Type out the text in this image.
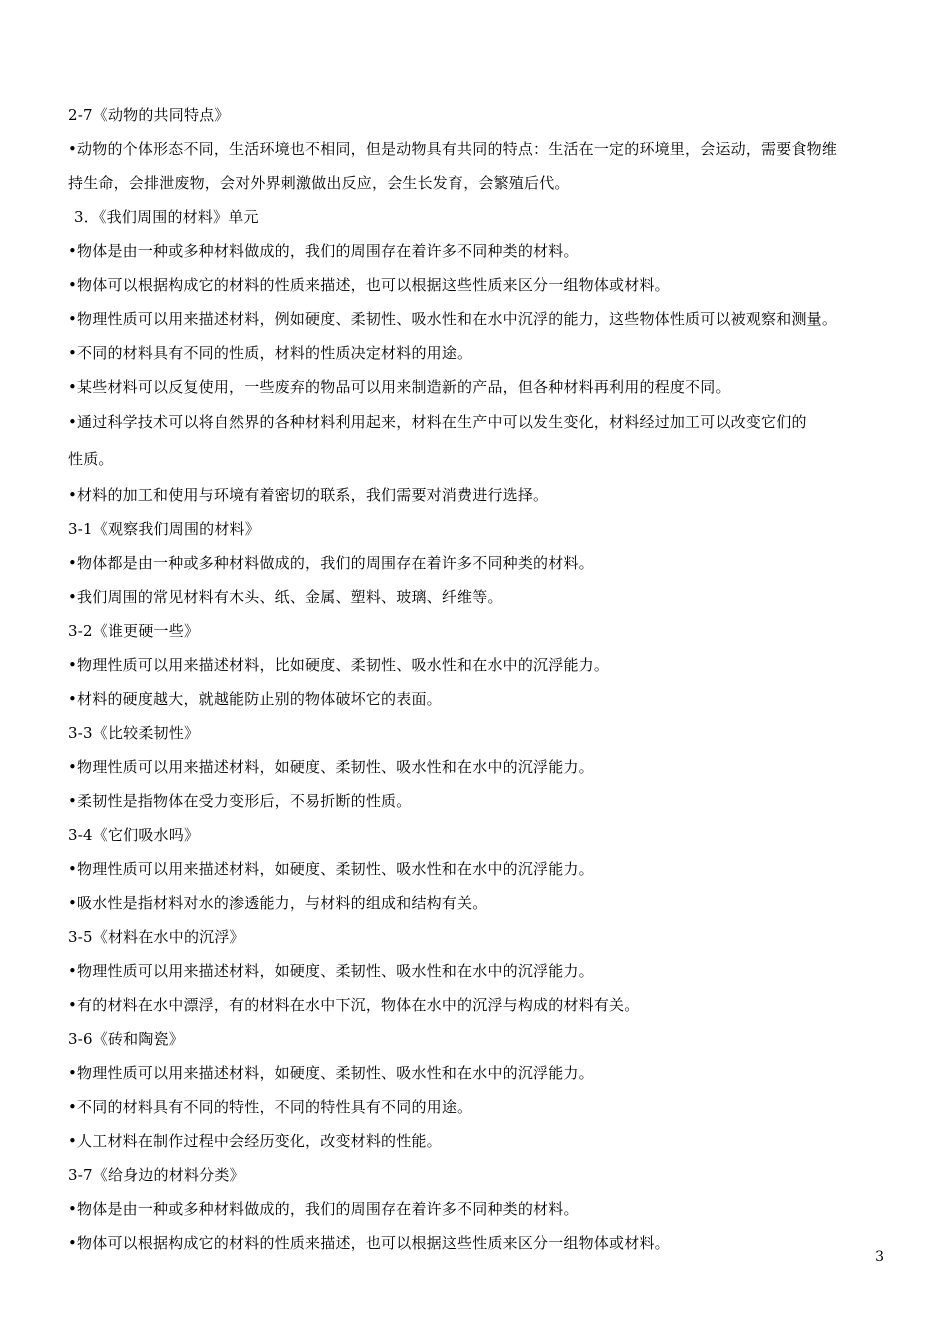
2-7《动物的共同特点》
•动物的个体形态不同，生活环境也不相同，但是动物具有共同的特点：生活在一定的环境里，会运动，需要食物维
持生命，会排泄废物，会对外界刺激做出反应，会生长发育，会繁殖后代。
3．《我们周围的材料》单元
•物体是由一种或多种材料做成的，我们的周围存在着许多不同种类的材料。
•物体可以根据构成它的材料的性质来描述，也可以根据这些性质来区分一组物体或材料。
•物理性质可以用来描述材料，例如硬度、柔韧性、吸水性和在水中沉浮的能力，这些物体性质可以被观察和测量。
•不同的材料具有不同的性质，材料的性质决定材料的用途。
•某些材料可以反复使用，一些废弃的物品可以用来制造新的产品，但各种材料再利用的程度不同。
•通过科学技术可以将自然界的各种材料利用起来，材料在生产中可以发生变化，材料经过加工可以改变它们的
性质。
•材料的加工和使用与环境有着密切的联系，我们需要对消费进行选择。
3-1《观察我们周围的材料》
•物体都是由一种或多种材料做成的，我们的周围存在着许多不同种类的材料。
•我们周围的常见材料有木头、纸、金属、塑料、玻璃、纤维等。
3-2《谁更硬一些》
•物理性质可以用来描述材料，比如硬度、柔韧性、吸水性和在水中的沉浮能力。
•材料的硬度越大，就越能防止别的物体破坏它的表面。
3-3《比较柔韧性》
•物理性质可以用来描述材料，如硬度、柔韧性、吸水性和在水中的沉浮能力。
•柔韧性是指物体在受力变形后，不易折断的性质。
3-4《它们吸水吗》
•物理性质可以用来描述材料，如硬度、柔韧性、吸水性和在水中的沉浮能力。
•吸水性是指材料对水的渗透能力，与材料的组成和结构有关。
3-5《材料在水中的沉浮》
•物理性质可以用来描述材料，如硬度、柔韧性、吸水性和在水中的沉浮能力。
•有的材料在水中漂浮，有的材料在水中下沉，物体在水中的沉浮与构成的材料有关。
3-6《砖和陶瓷》
•物理性质可以用来描述材料，如硬度、柔韧性、吸水性和在水中的沉浮能力。
•不同的材料具有不同的特性，不同的特性具有不同的用途。
•人工材料在制作过程中会经历变化，改变材料的性能。
3-7《给身边的材料分类》
•物体是由一种或多种材料做成的，我们的周围存在着许多不同种类的材料。
•物体可以根据构成它的材料的性质来描述，也可以根据这些性质来区分一组物体或材料。
3
